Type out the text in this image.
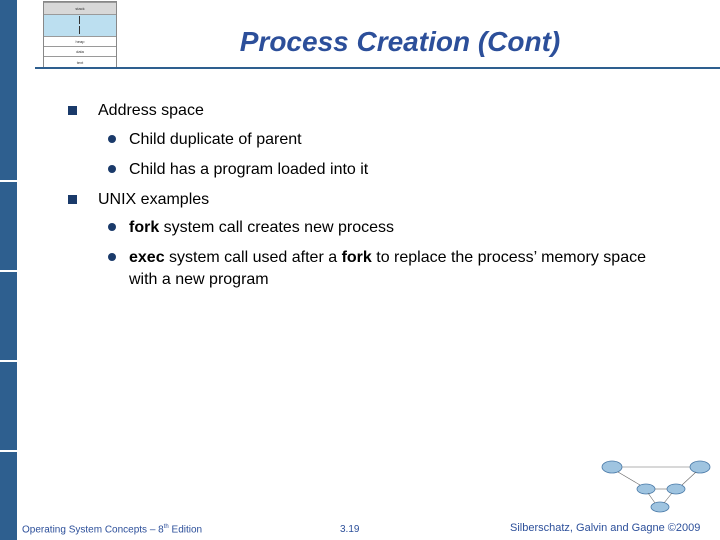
stack
heap
data
text
Process Creation (Cont)
Address space
Child duplicate of parent
Child has a program loaded into it
UNIX examples
fork system call creates new process
exec system call used after a fork to replace the process’ memory space with a new program
Operating System Concepts – 8th Edition	3.19	Silberschatz, Galvin and Gagne ©2009
